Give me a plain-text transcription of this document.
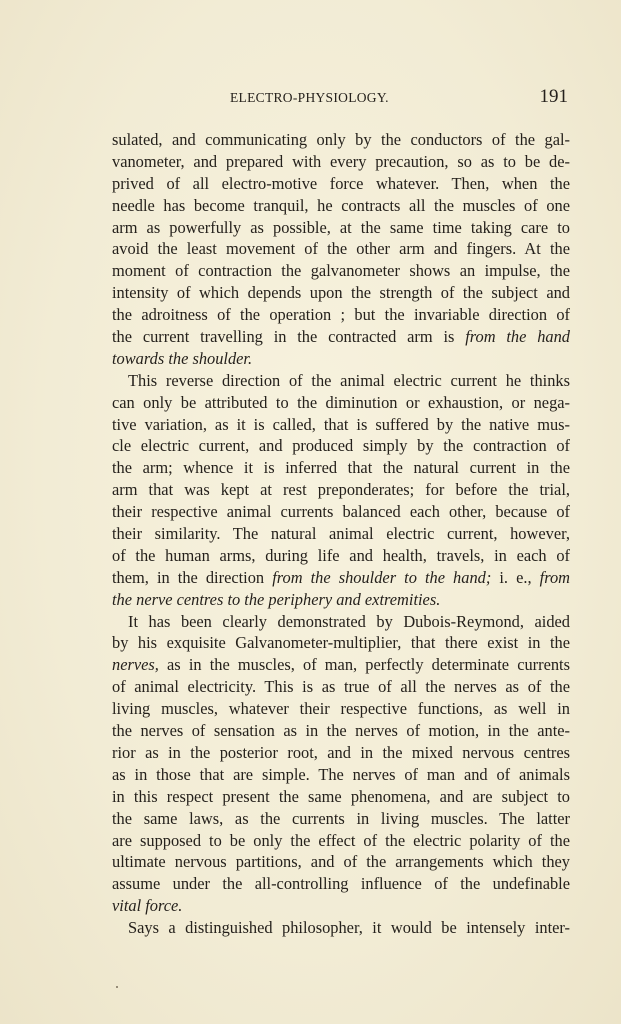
ELECTRO-PHYSIOLOGY.	191
sulated, and communicating only by the conductors of the gal-
vanometer, and prepared with every precaution, so as to be de-
prived of all electro-motive force whatever. Then, when the
needle has become tranquil, he contracts all the muscles of one
arm as powerfully as possible, at the same time taking care to
avoid the least movement of the other arm and fingers. At the
moment of contraction the galvanometer shows an impulse, the
intensity of which depends upon the strength of the subject and
the adroitness of the operation ; but the invariable direction of
the current travelling in the contracted arm is from the hand
towards the shoulder.
This reverse direction of the animal electric current he thinks
can only be attributed to the diminution or exhaustion, or nega-
tive variation, as it is called, that is suffered by the native mus-
cle electric current, and produced simply by the contraction of
the arm; whence it is inferred that the natural current in the
arm that was kept at rest preponderates; for before the trial,
their respective animal currents balanced each other, because of
their similarity. The natural animal electric current, however,
of the human arms, during life and health, travels, in each of
them, in the direction from the shoulder to the hand; i. e., from
the nerve centres to the periphery and extremities.
It has been clearly demonstrated by Dubois-Reymond, aided
by his exquisite Galvanometer-multiplier, that there exist in the
nerves, as in the muscles, of man, perfectly determinate currents
of animal electricity. This is as true of all the nerves as of the
living muscles, whatever their respective functions, as well in
the nerves of sensation as in the nerves of motion, in the ante-
rior as in the posterior root, and in the mixed nervous centres
as in those that are simple. The nerves of man and of animals
in this respect present the same phenomena, and are subject to
the same laws, as the currents in living muscles. The latter
are supposed to be only the effect of the electric polarity of the
ultimate nervous partitions, and of the arrangements which they
assume under the all-controlling influence of the undefinable
vital force.
Says a distinguished philosopher, it would be intensely inter-
